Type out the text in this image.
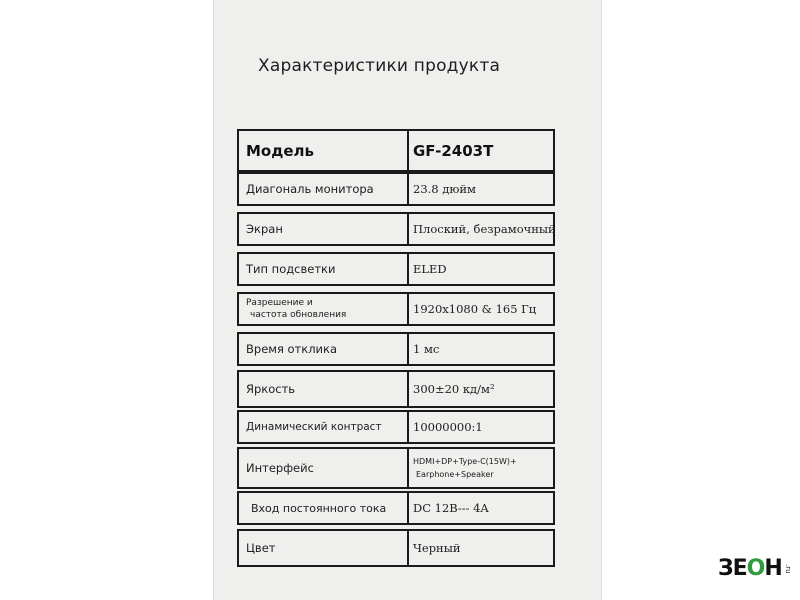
Характеристики продукта
Модель	GF-2403T
Диагональ монитора	23.8 дюйм
Экран	Плоский, безрамочный
Тип подсветки	ELED
Разрешение и
частота обновления	1920x1080 & 165 Гц
Время отклика	1 мс
Яркость	300±20 кд/м²
Динамический контраст	10000000:1
Интерфейс	HDMI+DP+Type-C(15W)+
Earphone+Speaker
Вход постоянного тока	DC 12В--- 4A
Цвет	Черный
ЗЕОН .ru
